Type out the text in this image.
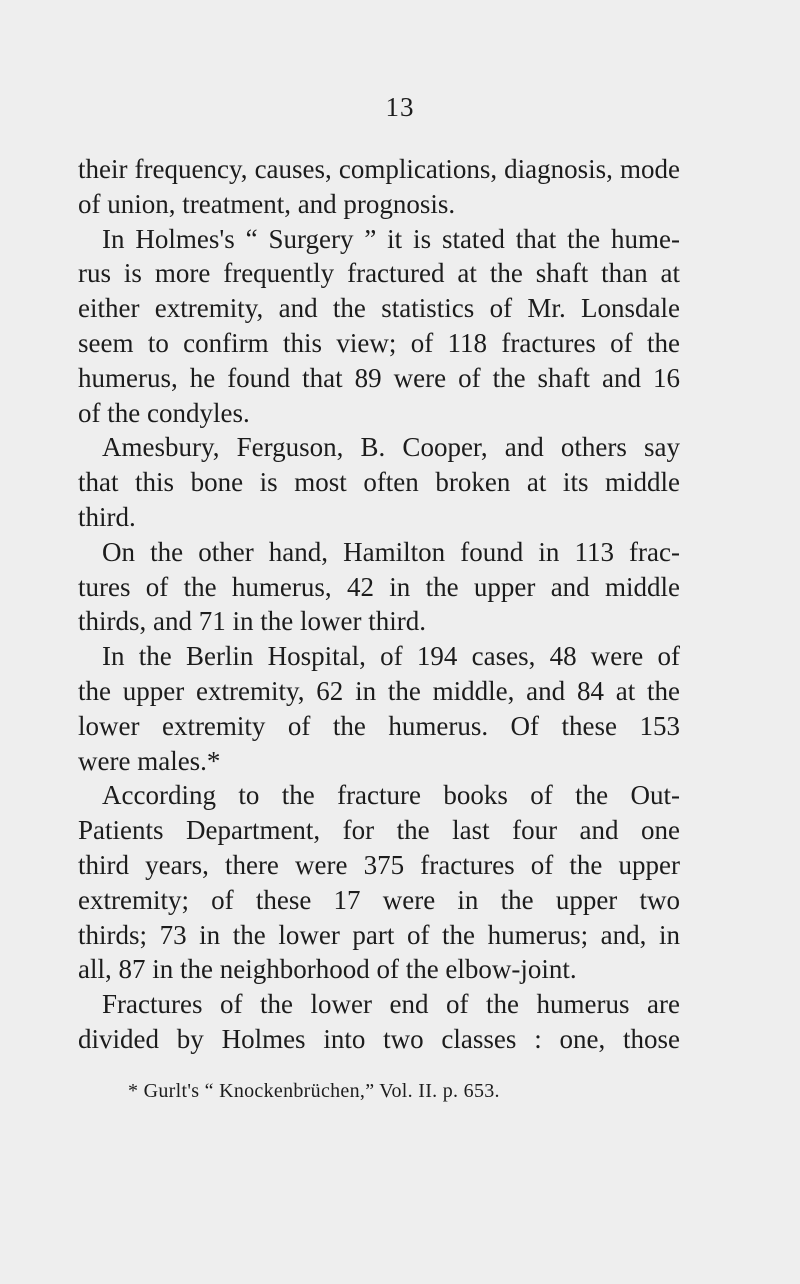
13
their frequency, causes, complications, diagnosis, mode
of union, treatment, and prognosis.
In Holmes's “ Surgery ” it is stated that the hume-
rus is more frequently fractured at the shaft than at
either extremity, and the statistics of Mr. Lonsdale
seem to confirm this view; of 118 fractures of the
humerus, he found that 89 were of the shaft and 16
of the condyles.
Amesbury, Ferguson, B. Cooper, and others say
that this bone is most often broken at its middle
third.
On the other hand, Hamilton found in 113 frac-
tures of the humerus, 42 in the upper and middle
thirds, and 71 in the lower third.
In the Berlin Hospital, of 194 cases, 48 were of
the upper extremity, 62 in the middle, and 84 at the
lower extremity of the humerus. Of these 153
were males.*
According to the fracture books of the Out-
Patients Department, for the last four and one
third years, there were 375 fractures of the upper
extremity; of these 17 were in the upper two
thirds; 73 in the lower part of the humerus; and, in
all, 87 in the neighborhood of the elbow-joint.
Fractures of the lower end of the humerus are
divided by Holmes into two classes : one, those
* Gurlt's “ Knockenbrüchen,” Vol. II. p. 653.
